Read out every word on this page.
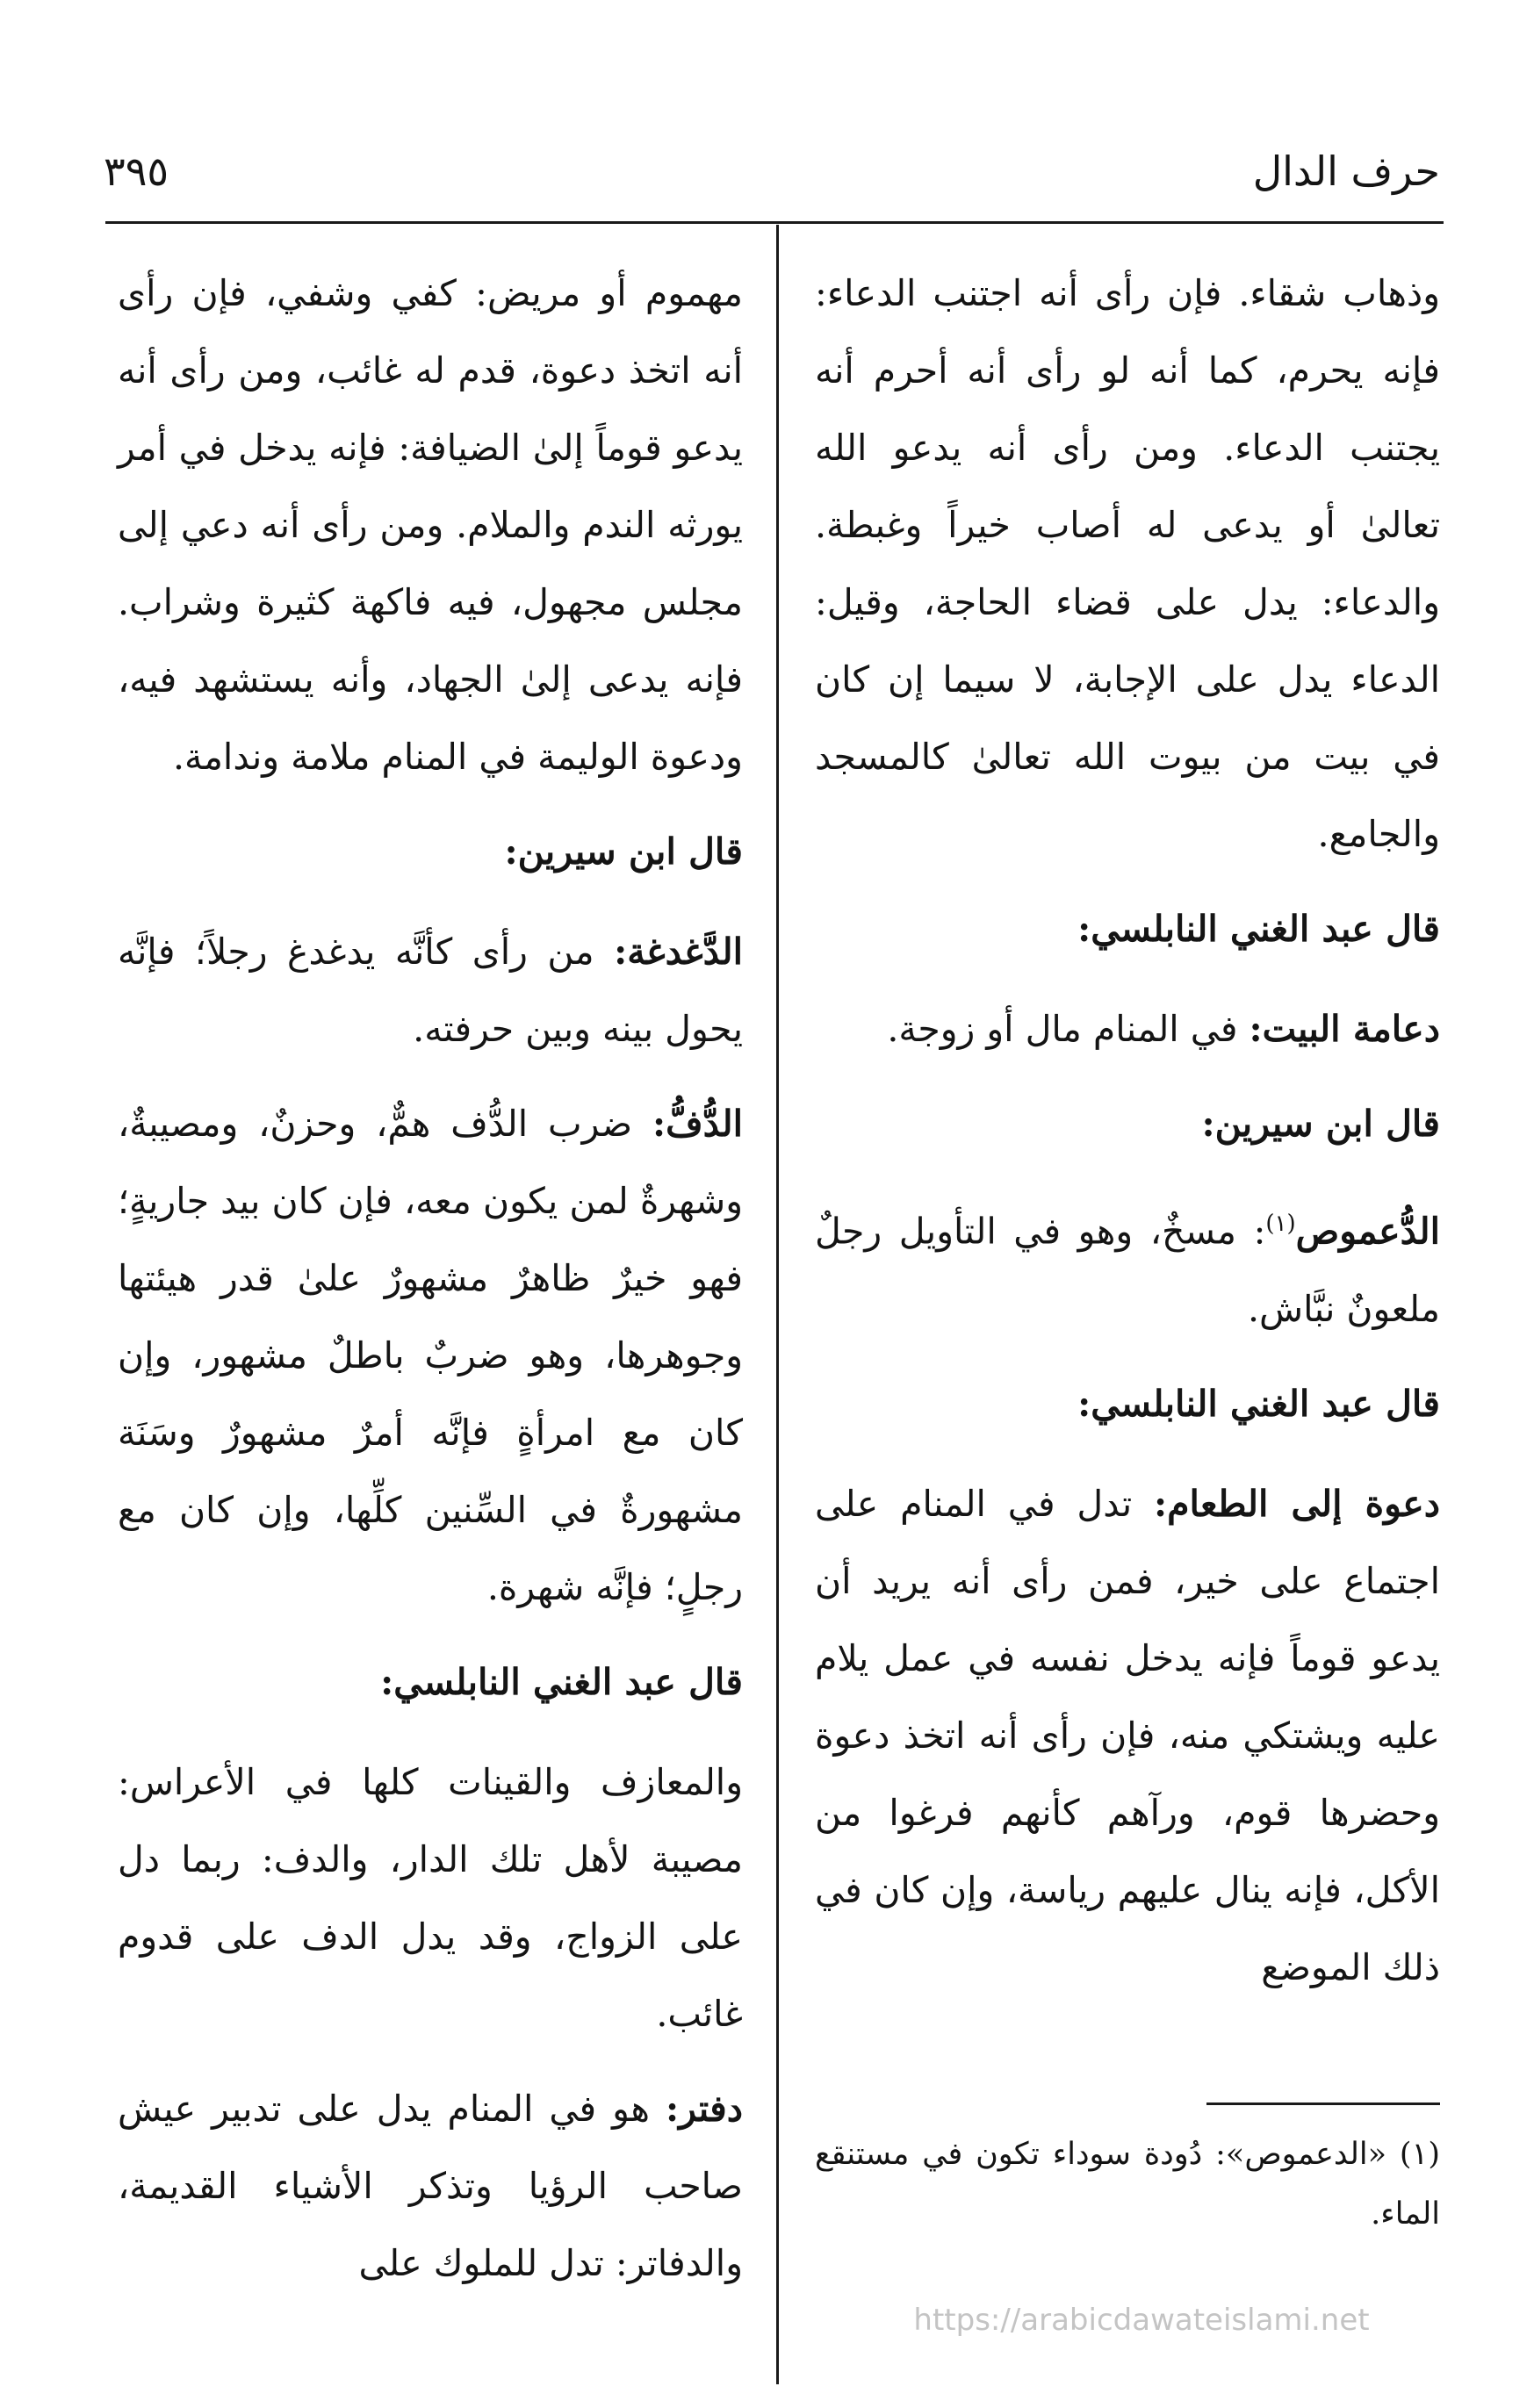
حرف الدال
٣٩٥

وذهاب شقاء. فإن رأى أنه اجتنب الدعاء: فإنه يحرم، كما أنه لو رأى أنه أحرم أنه يجتنب الدعاء. ومن رأى أنه يدعو الله تعالىٰ أو يدعى له أصاب خيراً وغبطة. والدعاء: يدل على قضاء الحاجة، وقيل: الدعاء يدل على الإجابة، لا سيما إن كان في بيت من بيوت الله تعالىٰ كالمسجد والجامع.

قال عبد الغني النابلسي:

دعامة البيت: في المنام مال أو زوجة.

قال ابن سيرين:

الدُّعموص$^{(١)}$: مسخٌ، وهو في التأويل رجلٌ ملعونٌ نبَّاش.

قال عبد الغني النابلسي:

دعوة إلى الطعام: تدل في المنام على اجتماع على خير، فمن رأى أنه يريد أن يدعو قوماً فإنه يدخل نفسه في عمل يلام عليه ويشتكي منه، فإن رأى أنه اتخذ دعوة وحضرها قوم، ورآهم كأنهم فرغوا من الأكل، فإنه ينال عليهم رياسة، وإن كان في ذلك الموضع

مهموم أو مريض: كفي وشفي، فإن رأى أنه اتخذ دعوة، قدم له غائب، ومن رأى أنه يدعو قوماً إلىٰ الضيافة: فإنه يدخل في أمر يورثه الندم والملام. ومن رأى أنه دعي إلى مجلس مجهول، فيه فاكهة كثيرة وشراب. فإنه يدعى إلىٰ الجهاد، وأنه يستشهد فيه، ودعوة الوليمة في المنام ملامة وندامة.

قال ابن سيرين:

الدَّغدغة: من رأى كأنَّه يدغدغ رجلاً؛ فإنَّه يحول بينه وبين حرفته.

الدُّفُّ: ضرب الدُّف همٌّ، وحزنٌ، ومصيبةٌ، وشهرةٌ لمن يكون معه، فإن كان بيد جاريةٍ؛ فهو خيرٌ ظاهرٌ مشهورٌ علىٰ قدر هيئتها وجوهرها، وهو ضربٌ باطلٌ مشهور، وإن كان مع امرأةٍ فإنَّه أمرٌ مشهورٌ وسَنَة مشهورةٌ في السِّنين كلِّها، وإن كان مع رجلٍ؛ فإنَّه شهرة.

قال عبد الغني النابلسي:

والمعازف والقينات كلها في الأعراس: مصيبة لأهل تلك الدار، والدف: ربما دل على الزواج، وقد يدل الدف على قدوم غائب.

دفتر: هو في المنام يدل على تدبير عيش صاحب الرؤيا وتذكر الأشياء القديمة، والدفاتر: تدل للملوك على

(١) «الدعموص»: دُودة سوداء تكون في مستنقع الماء.
https://arabicdawateislami.net
